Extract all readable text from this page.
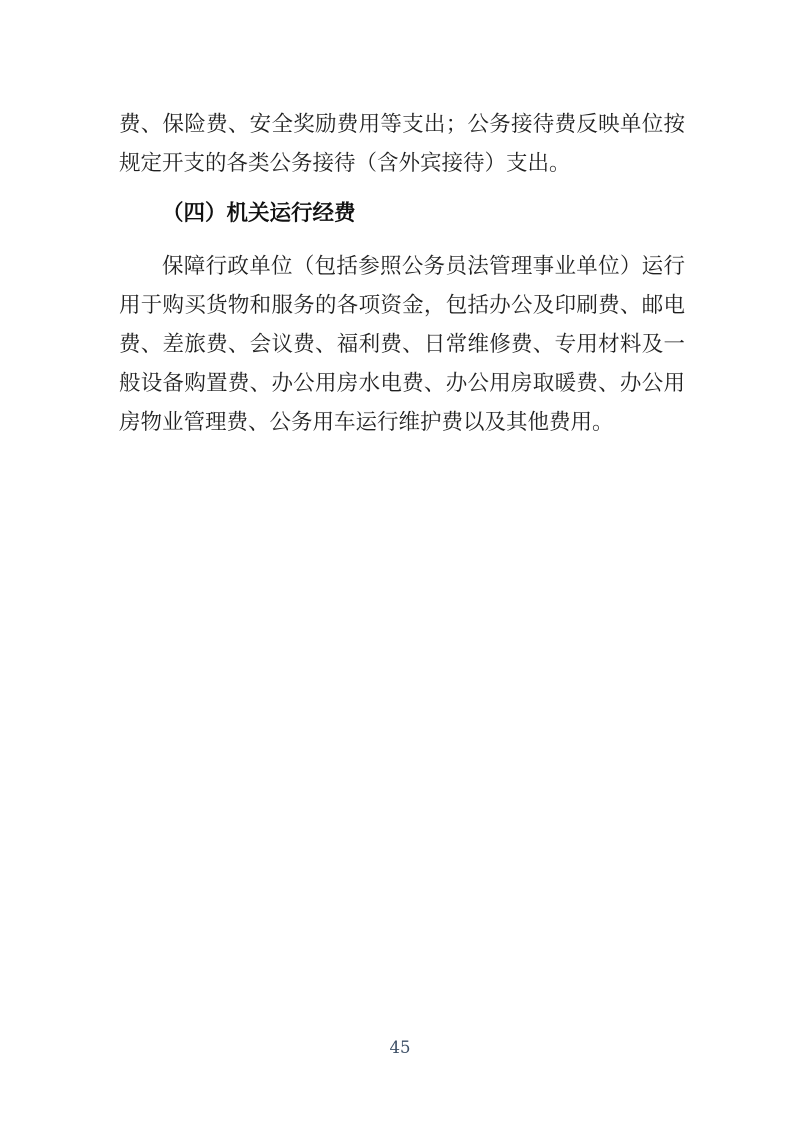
费、保险费、安全奖励费用等支出；公务接待费反映单位按规定开支的各类公务接待（含外宾接待）支出。

（四）机关运行经费

保障行政单位（包括参照公务员法管理事业单位）运行用于购买货物和服务的各项资金，包括办公及印刷费、邮电费、差旅费、会议费、福利费、日常维修费、专用材料及一般设备购置费、办公用房水电费、办公用房取暖费、办公用房物业管理费、公务用车运行维护费以及其他费用。

45
